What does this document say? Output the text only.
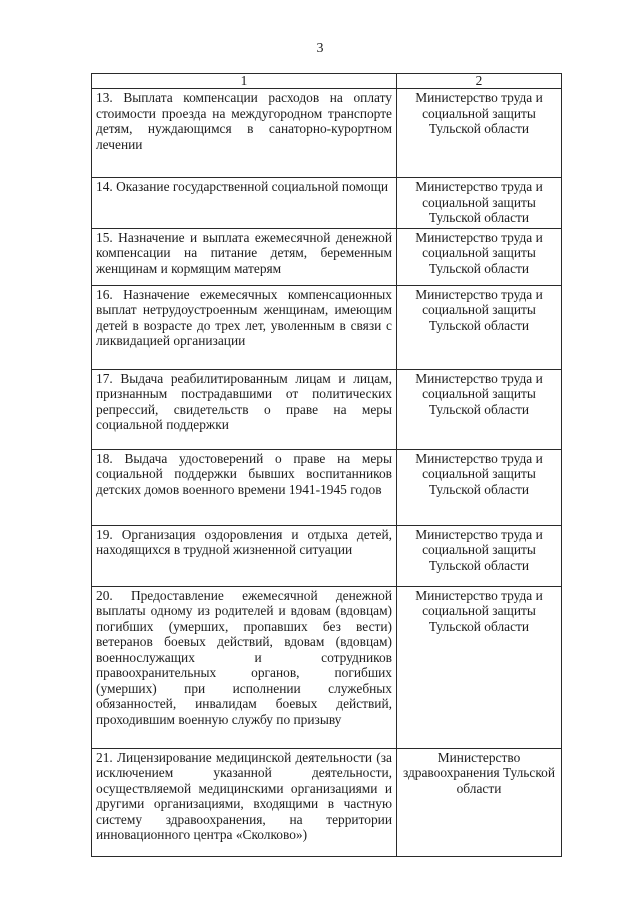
3
1	2
13. Выплата компенсации расходов на оплату стоимости проезда на междугородном транспорте детям, нуждающимся в санаторно-курортном лечении	Министерство труда и социальной защиты Тульской области
14. Оказание государственной социальной помощи	Министерство труда и социальной защиты Тульской области
15. Назначение и выплата ежемесячной денежной компенсации на питание детям, беременным женщинам и кормящим матерям	Министерство труда и социальной защиты Тульской области
16. Назначение ежемесячных компенсационных выплат нетрудоустроенным женщинам, имеющим детей в возрасте до трех лет, уволенным в связи с ликвидацией организации	Министерство труда и социальной защиты Тульской области
17. Выдача реабилитированным лицам и лицам, признанным пострадавшими от политических репрессий, свидетельств о праве на меры социальной поддержки	Министерство труда и социальной защиты Тульской области
18. Выдача удостоверений о праве на меры социальной поддержки бывших воспитанников детских домов военного времени 1941-1945 годов	Министерство труда и социальной защиты Тульской области
19. Организация оздоровления и отдыха детей, находящихся в трудной жизненной ситуации	Министерство труда и социальной защиты Тульской области
20. Предоставление ежемесячной денежной выплаты одному из родителей и вдовам (вдовцам) погибших (умерших, пропавших без вести) ветеранов боевых действий, вдовам (вдовцам) военнослужащих и сотрудников правоохранительных органов, погибших (умерших) при исполнении служебных обязанностей, инвалидам боевых действий, проходившим военную службу по призыву	Министерство труда и социальной защиты Тульской области
21. Лицензирование медицинской деятельности (за исключением указанной деятельности, осуществляемой медицинскими организациями и другими организациями, входящими в частную систему здравоохранения, на территории инновационного центра «Сколково»)	Министерство здравоохранения Тульской области
